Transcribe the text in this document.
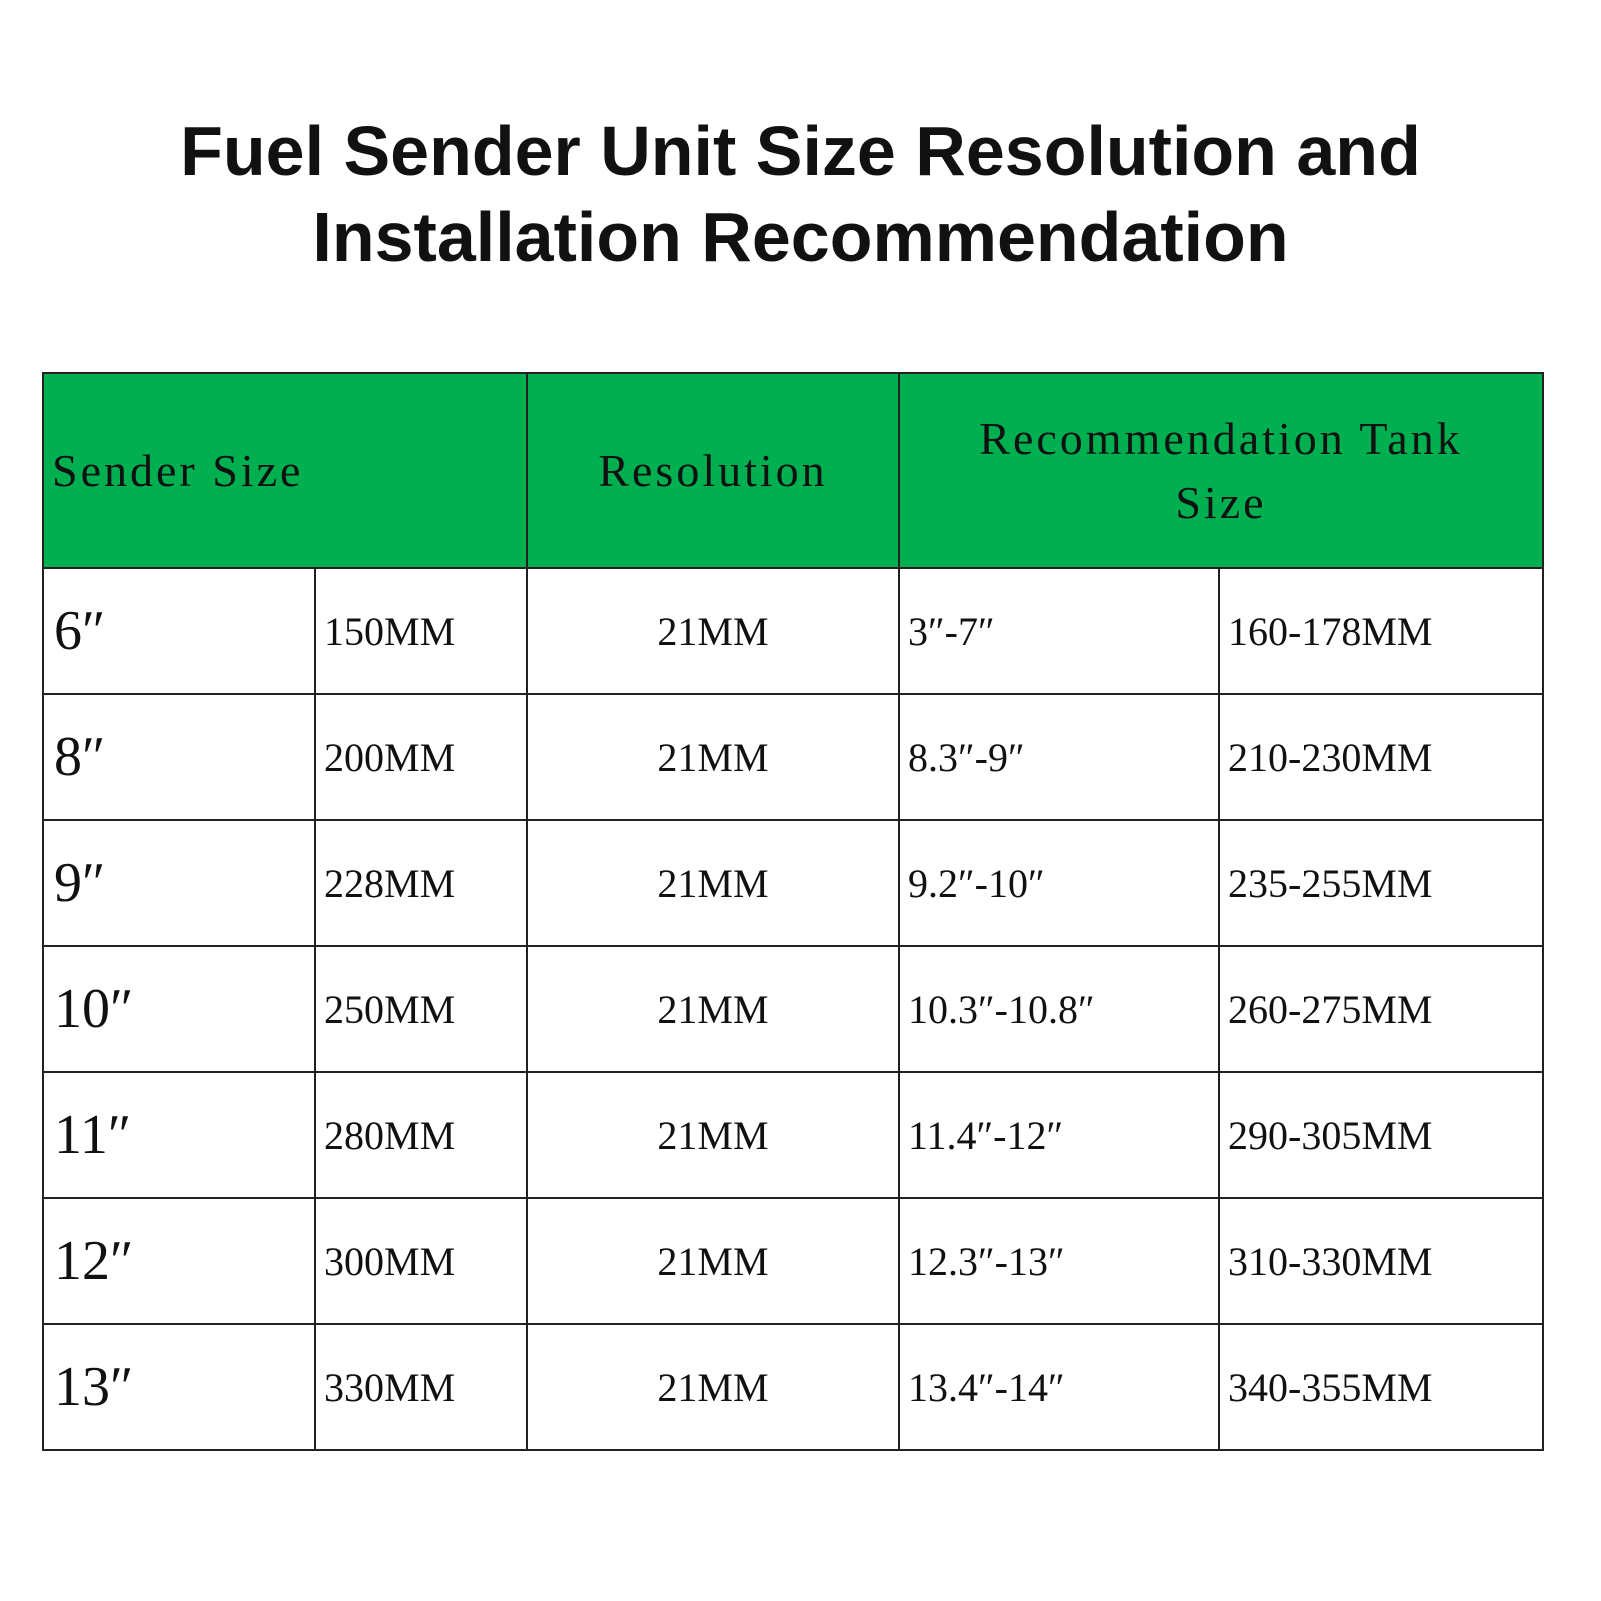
Fuel Sender Unit Size Resolution and
Installation Recommendation
Sender Size		Resolution	Recommendation Tank Size	
6″	150MM	21MM	3″-7″	160-178MM
8″	200MM	21MM	8.3″-9″	210-230MM
9″	228MM	21MM	9.2″-10″	235-255MM
10″	250MM	21MM	10.3″-10.8″	260-275MM
11″	280MM	21MM	11.4″-12″	290-305MM
12″	300MM	21MM	12.3″-13″	310-330MM
13″	330MM	21MM	13.4″-14″	340-355MM
